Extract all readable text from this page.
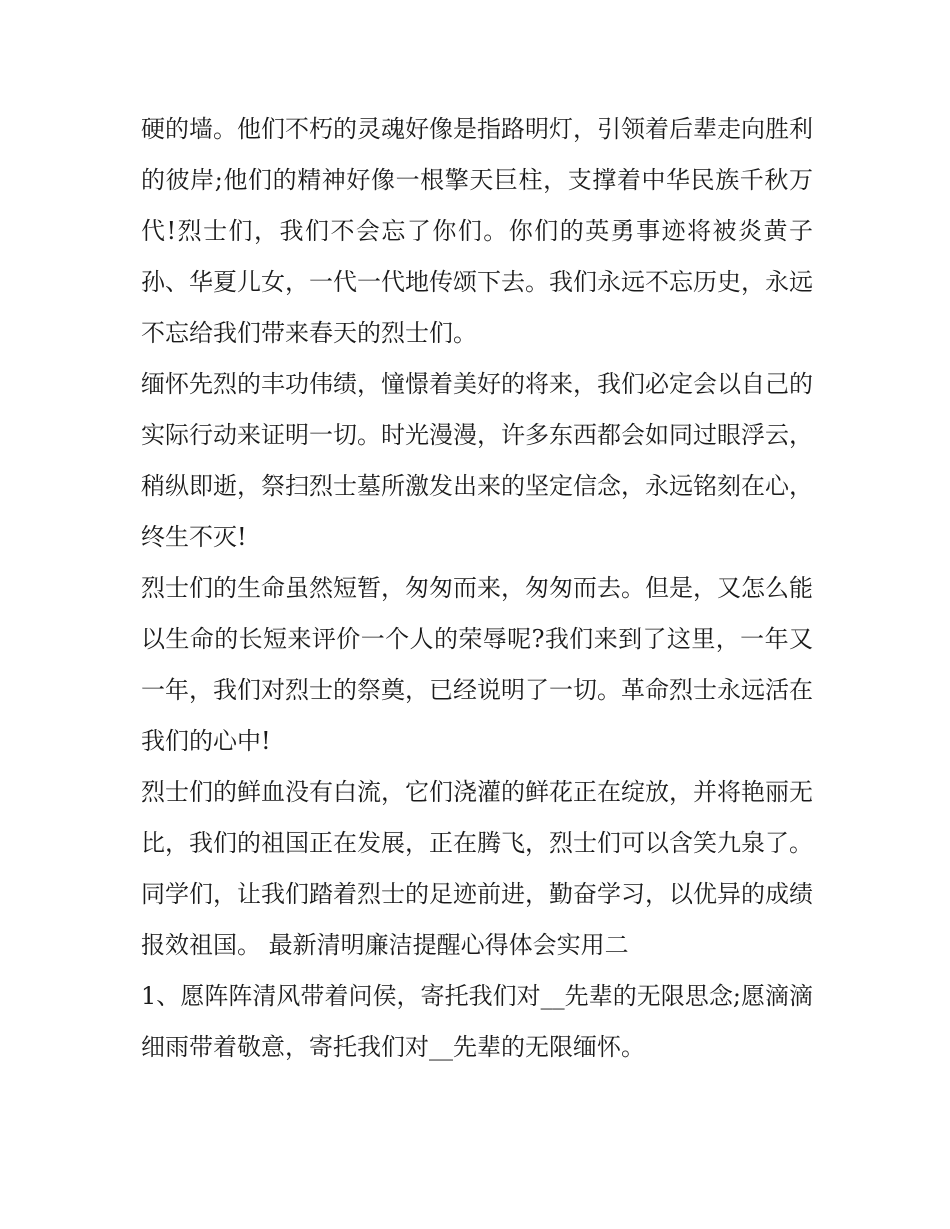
硬的墙。他们不朽的灵魂好像是指路明灯，引领着后辈走向胜利的彼岸;他们的精神好像一根擎天巨柱，支撑着中华民族千秋万代!烈士们，我们不会忘了你们。你们的英勇事迹将被炎黄子孙、华夏儿女，一代一代地传颂下去。我们永远不忘历史，永远不忘给我们带来春天的烈士们。

缅怀先烈的丰功伟绩，憧憬着美好的将来，我们必定会以自己的实际行动来证明一切。时光漫漫，许多东西都会如同过眼浮云，稍纵即逝，祭扫烈士墓所激发出来的坚定信念，永远铭刻在心，终生不灭!

烈士们的生命虽然短暂，匆匆而来，匆匆而去。但是，又怎么能以生命的长短来评价一个人的荣辱呢?我们来到了这里，一年又一年，我们对烈士的祭奠，已经说明了一切。革命烈士永远活在我们的心中!

烈士们的鲜血没有白流，它们浇灌的鲜花正在绽放，并将艳丽无比，我们的祖国正在发展，正在腾飞，烈士们可以含笑九泉了。

同学们，让我们踏着烈士的足迹前进，勤奋学习，以优异的成绩报效祖国。 最新清明廉洁提醒心得体会实用二

1、愿阵阵清风带着问侯，寄托我们对__先辈的无限思念;愿滴滴细雨带着敬意，寄托我们对__先辈的无限缅怀。
